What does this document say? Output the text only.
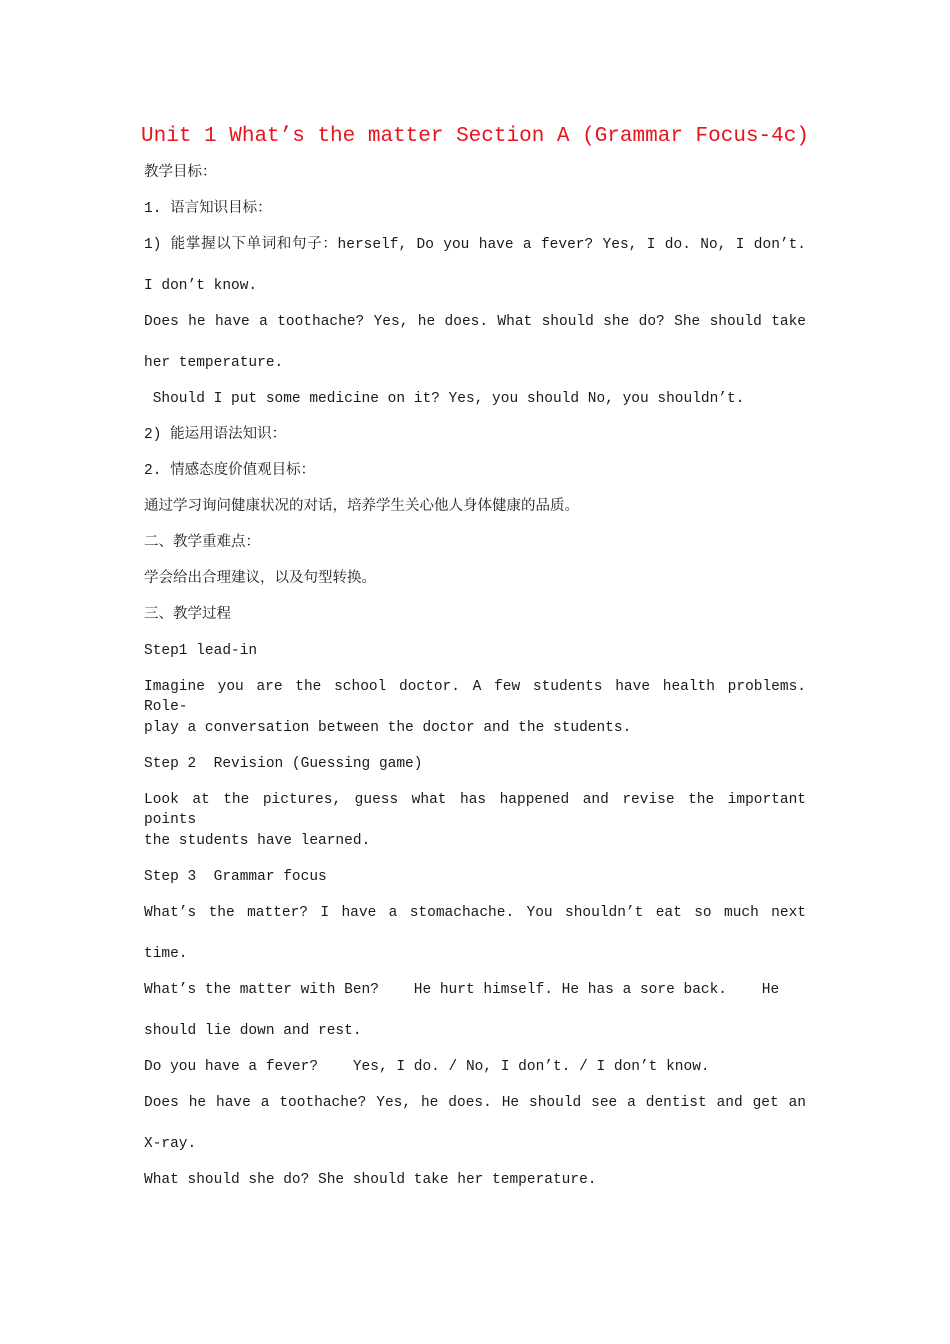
Unit 1 What’s the matter Section A (Grammar Focus-4c)
教学目标：
1. 语言知识目标：
1) 能掌握以下单词和句子：herself, Do you have a fever? Yes, I do. No, I don’t.
I don’t know.
Does he have a toothache? Yes, he does. What should she do? She should take
her temperature.
Should I put some medicine on it? Yes, you should No, you shouldn’t.
2) 能运用语法知识：
2. 情感态度价值观目标：
通过学习询问健康状况的对话，培养学生关心他人身体健康的品质。
二、教学重难点：
学会给出合理建议，以及句型转换。
三、教学过程
Step1 lead-in
Imagine you are the school doctor. A few students have health problems. Role-
play a conversation between the doctor and the students.
Step 2  Revision (Guessing game)
Look at the pictures, guess what has happened and revise the important points
the students have learned.
Step 3  Grammar focus
What’s the matter? I have a stomachache. You shouldn’t eat so much next
time.
What’s the matter with Ben?    He hurt himself. He has a sore back.    He
should lie down and rest.
Do you have a fever?    Yes, I do. / No, I don’t. / I don’t know.
Does he have a toothache? Yes, he does. He should see a dentist and get an
X-ray.
What should she do? She should take her temperature.
